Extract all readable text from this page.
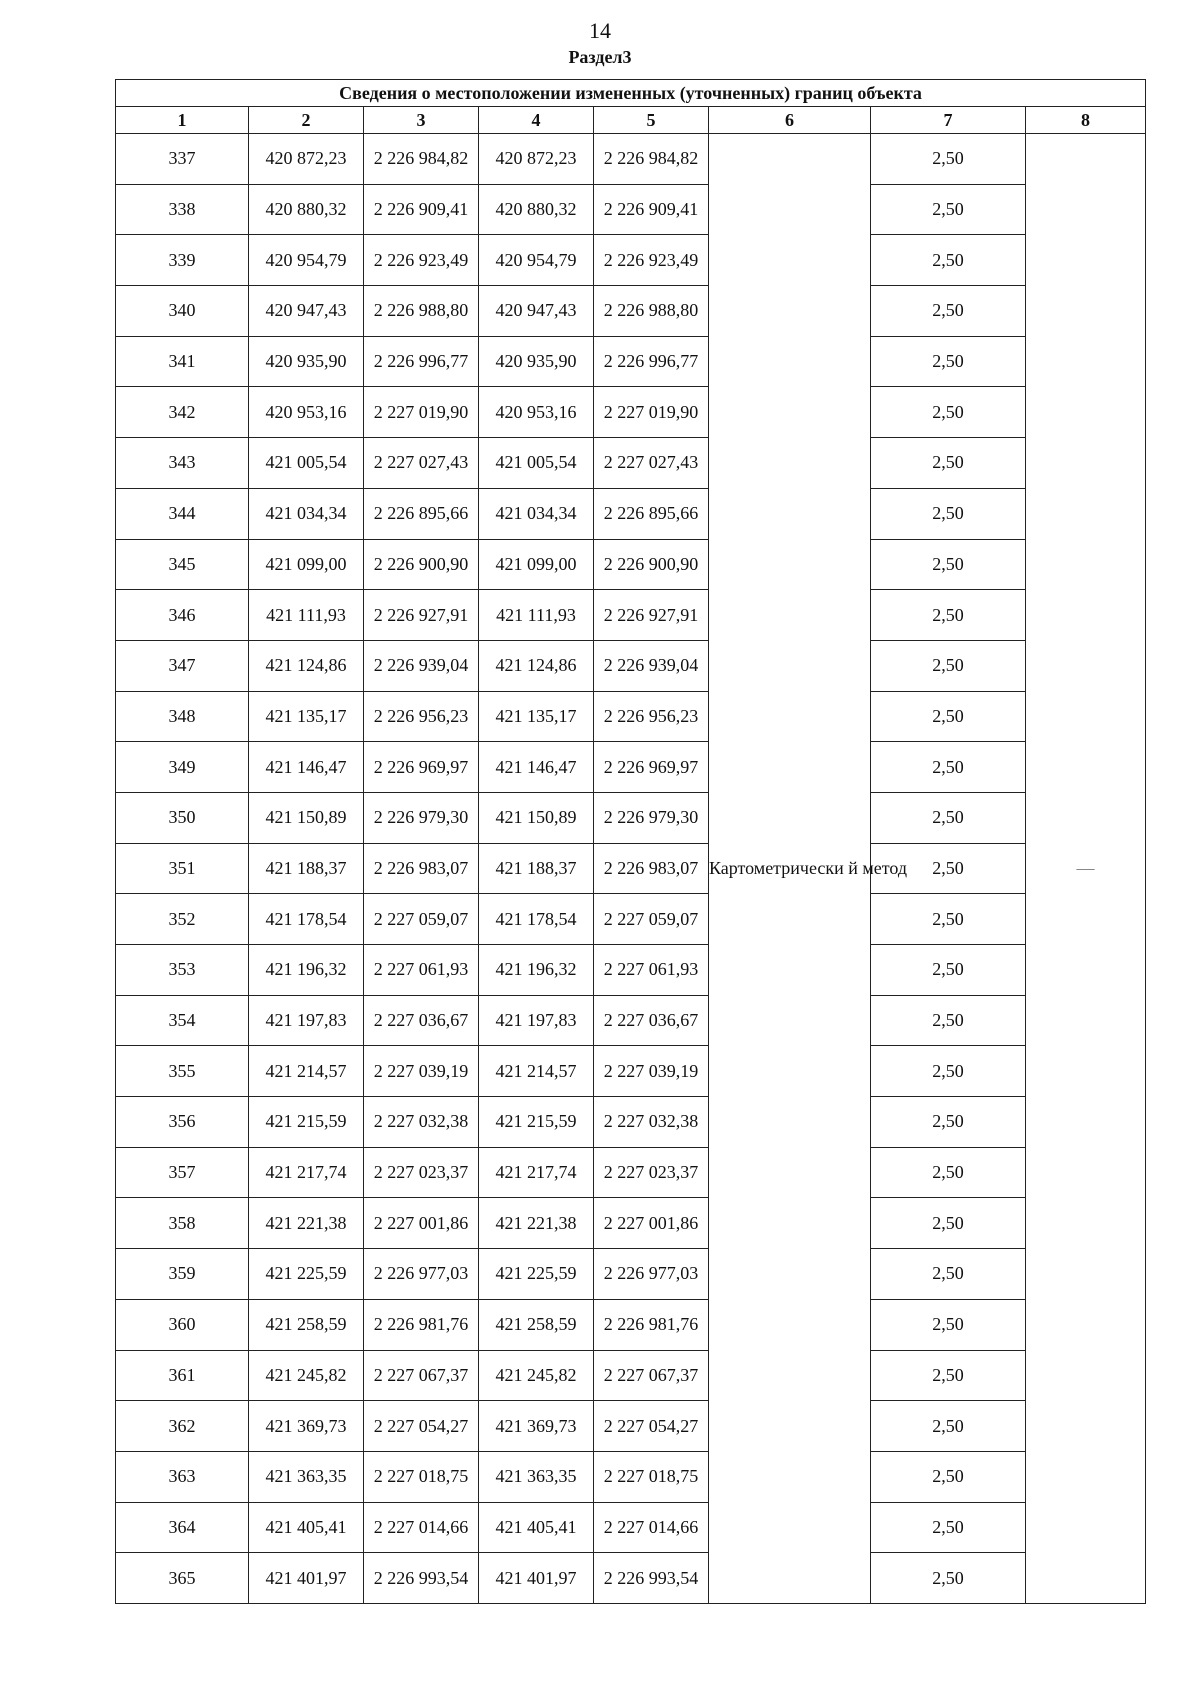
14
Раздел3
Сведения о местоположении измененных (уточненных) границ объекта							
1	2	3	4	5	6	7	8
337	420 872,23	2 226 984,82	420 872,23	2 226 984,82	Картометрически й метод	2,50	—
338	420 880,32	2 226 909,41	420 880,32	2 226 909,41		2,50	
339	420 954,79	2 226 923,49	420 954,79	2 226 923,49		2,50	
340	420 947,43	2 226 988,80	420 947,43	2 226 988,80		2,50	
341	420 935,90	2 226 996,77	420 935,90	2 226 996,77		2,50	
342	420 953,16	2 227 019,90	420 953,16	2 227 019,90		2,50	
343	421 005,54	2 227 027,43	421 005,54	2 227 027,43		2,50	
344	421 034,34	2 226 895,66	421 034,34	2 226 895,66		2,50	
345	421 099,00	2 226 900,90	421 099,00	2 226 900,90		2,50	
346	421 111,93	2 226 927,91	421 111,93	2 226 927,91		2,50	
347	421 124,86	2 226 939,04	421 124,86	2 226 939,04		2,50	
348	421 135,17	2 226 956,23	421 135,17	2 226 956,23		2,50	
349	421 146,47	2 226 969,97	421 146,47	2 226 969,97		2,50	
350	421 150,89	2 226 979,30	421 150,89	2 226 979,30		2,50	
351	421 188,37	2 226 983,07	421 188,37	2 226 983,07		2,50	
352	421 178,54	2 227 059,07	421 178,54	2 227 059,07		2,50	
353	421 196,32	2 227 061,93	421 196,32	2 227 061,93		2,50	
354	421 197,83	2 227 036,67	421 197,83	2 227 036,67		2,50	
355	421 214,57	2 227 039,19	421 214,57	2 227 039,19		2,50	
356	421 215,59	2 227 032,38	421 215,59	2 227 032,38		2,50	
357	421 217,74	2 227 023,37	421 217,74	2 227 023,37		2,50	
358	421 221,38	2 227 001,86	421 221,38	2 227 001,86		2,50	
359	421 225,59	2 226 977,03	421 225,59	2 226 977,03		2,50	
360	421 258,59	2 226 981,76	421 258,59	2 226 981,76		2,50	
361	421 245,82	2 227 067,37	421 245,82	2 227 067,37		2,50	
362	421 369,73	2 227 054,27	421 369,73	2 227 054,27		2,50	
363	421 363,35	2 227 018,75	421 363,35	2 227 018,75		2,50	
364	421 405,41	2 227 014,66	421 405,41	2 227 014,66		2,50	
365	421 401,97	2 226 993,54	421 401,97	2 226 993,54		2,50	
